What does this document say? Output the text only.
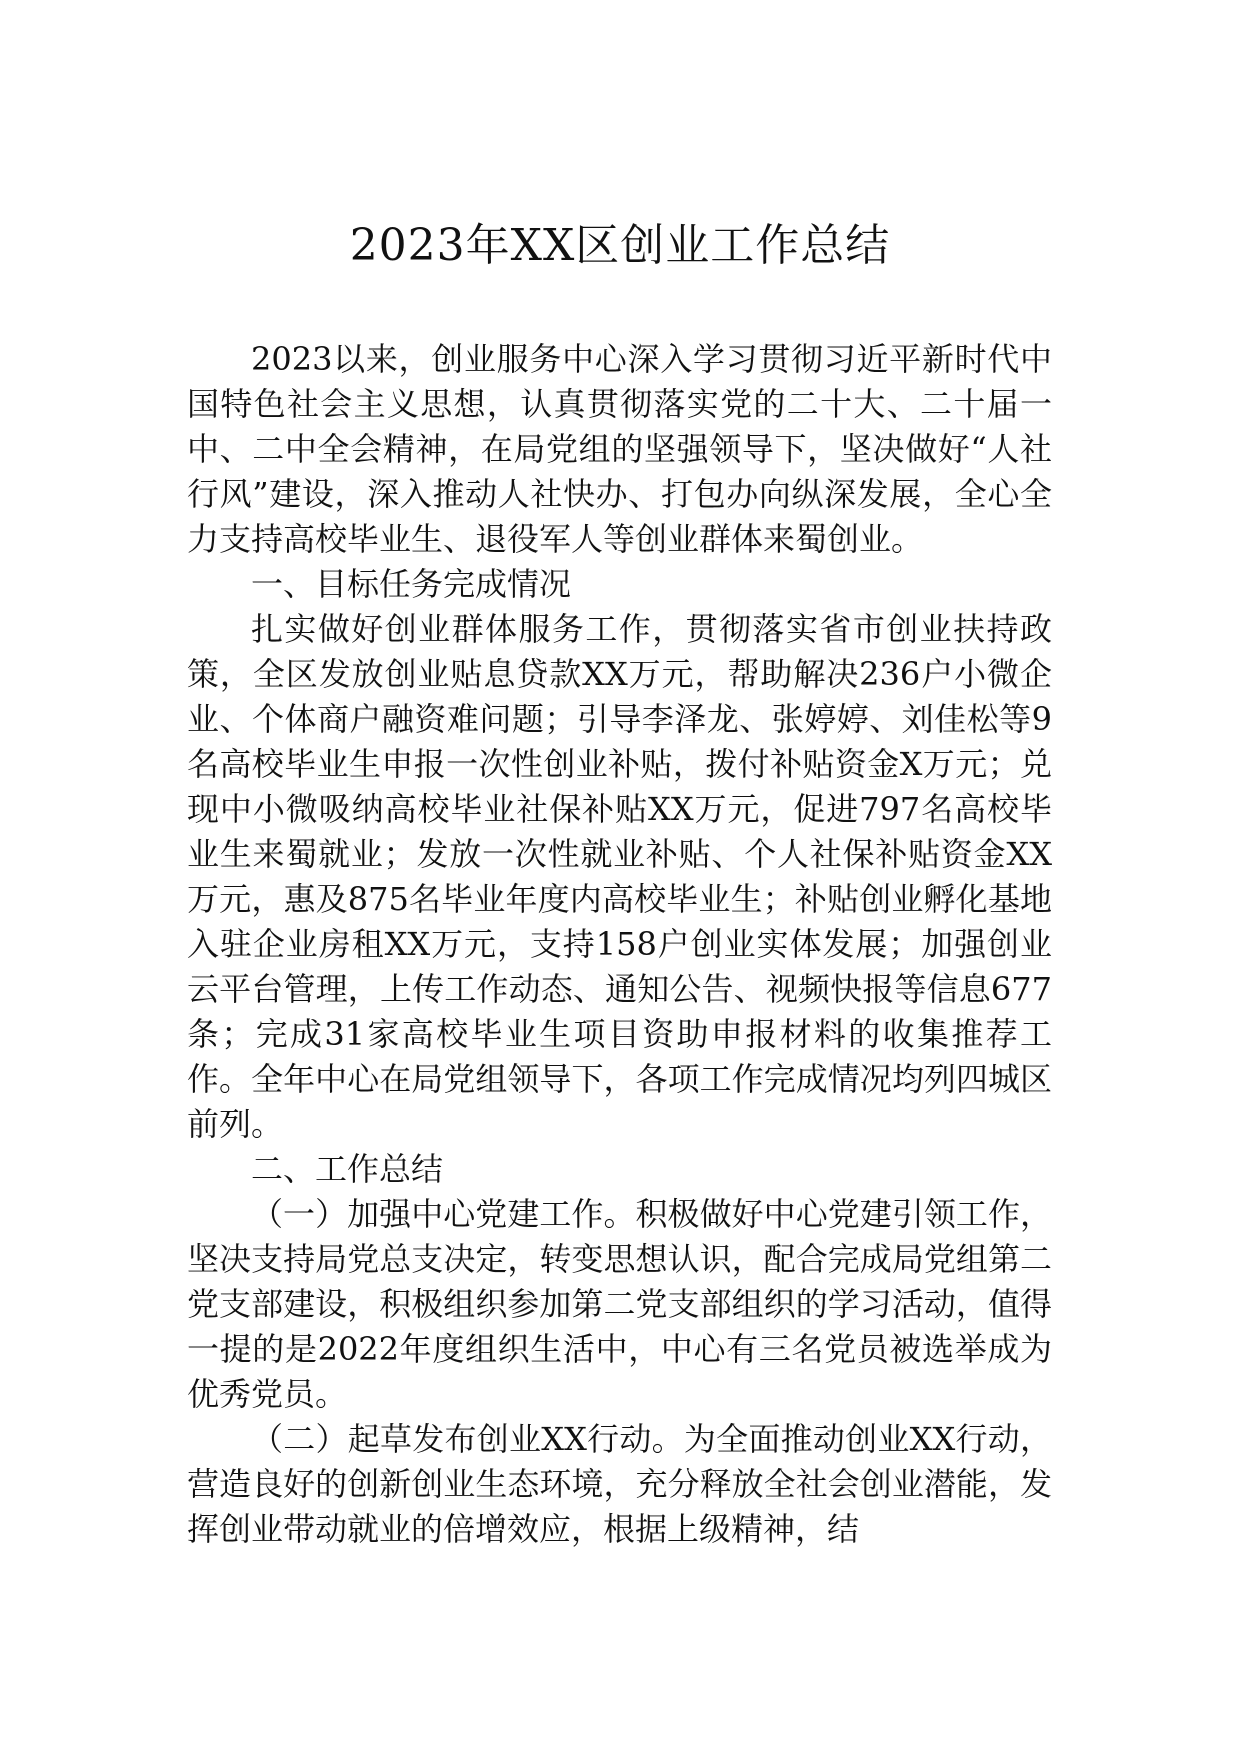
2023年XX区创业工作总结

2023以来，创业服务中心深入学习贯彻习近平新时代中国特色社会主义思想，认真贯彻落实党的二十大、二十届一中、二中全会精神，在局党组的坚强领导下，坚决做好“人社行风”建设，深入推动人社快办、打包办向纵深发展，全心全力支持高校毕业生、退役军人等创业群体来蜀创业。

一、目标任务完成情况

扎实做好创业群体服务工作，贯彻落实省市创业扶持政策，全区发放创业贴息贷款XX万元，帮助解决236户小微企业、个体商户融资难问题；引导李泽龙、张婷婷、刘佳松等9名高校毕业生申报一次性创业补贴，拨付补贴资金X万元；兑现中小微吸纳高校毕业社保补贴XX万元，促进797名高校毕业生来蜀就业；发放一次性就业补贴、个人社保补贴资金XX万元，惠及875名毕业年度内高校毕业生；补贴创业孵化基地入驻企业房租XX万元，支持158户创业实体发展；加强创业云平台管理，上传工作动态、通知公告、视频快报等信息677条；完成31家高校毕业生项目资助申报材料的收集推荐工作。全年中心在局党组领导下，各项工作完成情况均列四城区前列。

二、工作总结

（一）加强中心党建工作。积极做好中心党建引领工作，坚决支持局党总支决定，转变思想认识，配合完成局党组第二党支部建设，积极组织参加第二党支部组织的学习活动，值得一提的是2022年度组织生活中，中心有三名党员被选举成为优秀党员。

（二）起草发布创业XX行动。为全面推动创业XX行动，营造良好的创新创业生态环境，充分释放全社会创业潜能，发挥创业带动就业的倍增效应，根据上级精神，结
